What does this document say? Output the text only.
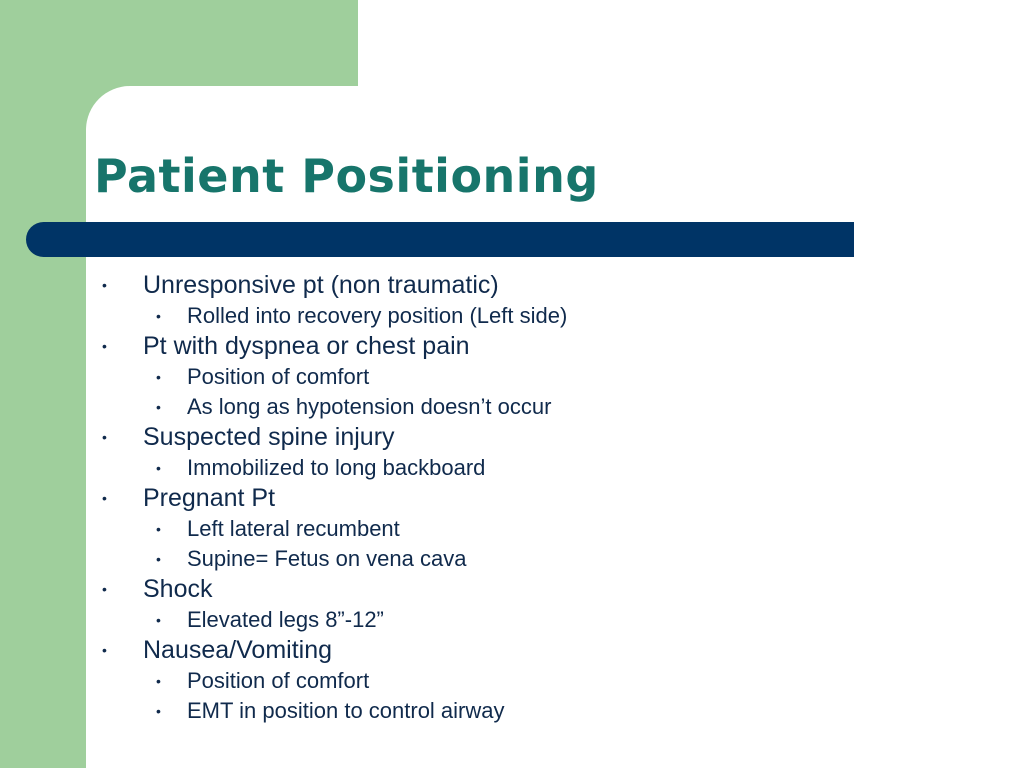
Patient Positioning
• Unresponsive pt (non traumatic)
• Rolled into recovery position (Left side)
• Pt with dyspnea or chest pain
• Position of comfort
• As long as hypotension doesn’t occur
• Suspected spine injury
• Immobilized to long backboard
• Pregnant Pt
• Left lateral recumbent
• Supine= Fetus on vena cava
• Shock
• Elevated legs 8”-12”
• Nausea/Vomiting
• Position of comfort
• EMT in position to control airway
